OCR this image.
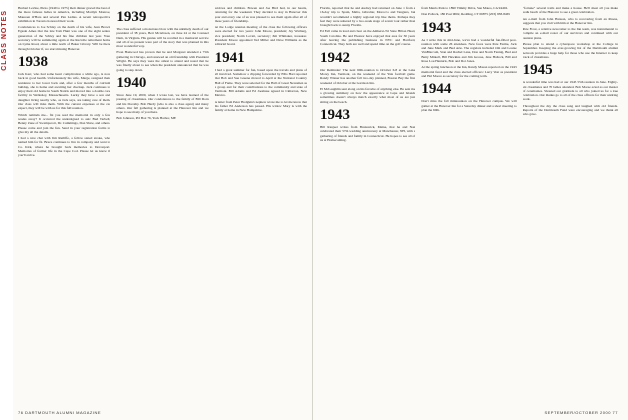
CLASS NOTES

Herbert Levine, Pizzo (1949 to 1975) their dinner graced the best of the more famous ladies in America, including Marilyn Monroe, Maureen O'Hara and several Pan Ladies. A recent retrospective exhibition in Toronto honored their work.

Condolences to Joe Schley on the death of his wife, Jean Brown Egasin Ames that the late Tom Hunt was one of the eight senior generation of the Schley and his fine children last year. Your secretary will be summering again at the Rectolle retirement home on Lyme Road, about a mile north of Baker Library. Will be there through October if, we start missing Hanover.

1938

Jack Kerr, who had some heart complication a while ago, is now back in good health. Unfortunately his wife, Marge, resigned their residence to her lower back and, after a few months of calcium buildup, she is home and awaiting her checkup. Jack continues to enjoy their old home in South Natick and moved into a double care facility in Wellesley, Massachusetts. Lucky they have a son and daughter living nearby who, as Jack says, are taking care of them. Our class will miss them. With the current expenses at the car expect, they will be with us for this full reunion.

Which reminds me... fix you read the memorial in only a few weeks away? It occurred the undersigned to ask: Bud Tarbell, Benny Zane of Swampscott, Dr. Cummings, Don Shaw, and others. Please come and join the fun. Send in your registration forms to give my all the details.

I had a nice chat with Jim Rutliffe, a fellow stated stroke, who named him for fit. Bruce continues to live in company and went to Ca. Kirk, where he brought back memories to Devonport. Memories of former life in the Cape Cod. Please let us know if you'll arrive.

1939

The class suffered a monstrous blow with the untimely death of our president of 38 years, Bert McAlveen, on June 24 at the Conneel Dam, in Virginia. His genius will be recalled in a memorial service and all of us present were part of the story that was planned in this most wonderful way.

Evan Hanwood has proven that he and Margaret attended a 75th gathering in Chicago, and renewed an old friendship with President Wright. He says they were the oldest to attend and noted that he was finally about to see when the president announced that he was going to step down.

1940

Since June 19, 2000, when I wrote last, we have learned of the passing of classmates. Our condolences to the family of Bill Dorn and his Dorothy. Bob Hardy (who is also a class agent) and many others. Our fall gathering is planned at the Hanover Inn and we hope to see many of you there.

Bob Johnson, PO Box 76, York Harbor, ME

widows and children. Bowen and Joe Bird had, in our hearts, returning for the weekend. They decided to stay in Hanover this year and every one of us was pleased to see them again after all of these years of friendship.

At the Lodge reunion meeting of the class the following officers were elected for two years: John Moore, president; Jay Warburg, vice president; Norm Lovatt, secretary; Jim Whittaker, treasurer. President Moore appointed Ted Miller and Dave Williams as the editorial board.

1941

I had a great summer for fun, based upon the travels and plans of all involved. Somehow a clipping forwarded by Ellis Hart reported that Bob and Sue Greene moved to April at the National Country Hall of Fame. They were selected for the Hall of Great Newsmen as a group and for their contributions to the community and state of Vermont. Bill Adams and Ed Joeshuse agreed in Cimarron, New Mexico.

A letter from Peter Hodgkin's nephew wrote me to let me know that his father Ed Anderson has passed. His widow Mary is with the family at home in New Hampshire.

76 DARTMOUTH ALUMNI MAGAZINE

Florida, reported that he and Audrey had returned on June 1 from a 16-day trip to Spain, Malta, Gibraltar, Morocco and Tangiers, but wouldn't recommend a highly regional trip like theirs. Perhaps they feel they were ushered by a two-week stage of scenic tour rather than brought back to sunny Florida.

Ed Fell came in loud and clear on the Amherst-Tri State Hilton Head, South Carolina. He and Eleanor have enjoyed that area for 30 years after leaving the publishing business in NYC and Hartford, Connecticut. They both are well and spend time on the golf course.

1942

Our Reminder: The next 60th-reunion is October 6-8 at the Lake Morey Inn, Vermont, on the weekend of the Yale football game. Randy Wisner has another fall two-day planned, Boston Bay the first weekend of October at the Garrison Inn.

El McLaughlin sent along on his favorite of anything else. He sent me a glowing summary on how the appearance at Lapu and Islands sometimes doesn't always match exactly what most of us are just sitting on the beach.

1943

Bill Ranjeet writes from Brunswick, Maine, that he and Nan celebrated their 57th wedding anniversary at Manchester, NH, with a gathering of friends and family in Connecticut. He hopes to see all of us at Homecoming.

from Menlo Park to 1890 Vimmy Drive, San Mateo, CA 94402.

Don Pollock, 180 Post 9002, Redding, CT 06875 (203) 938-8465

1943

As I write this in mid-June, we've had a wonderful fun-filled post-reunion with some 26 attendees. New faces were Pete Ferme, Jack and June Mark and Bud Arie. The regulars included Om and Louise VanBlarcom, Stan and Rachel Lane, Don and Norm Fannig, Bud and Betty Mintell, Bill Hawkins and Jim Grosse, Jane Hallock, Bill and Rose Lou Hannick, Bob and Dot Jones.

At the spring luncheon at the Inn, Randy Mason reported on the 1943 memorial fund and the class elected officers: Larry Vest as president and Hal Moore as secretary for the coming term.

1944

Don't miss the fall minireunion on the Hanover campus. We will gather at the Hanover Inn for a Saturday dinner and a short meeting to plan the 60th.

"fortune" several trails and make a house. He'll meet all you make walk beach of the Hanover to see a great celebration.

An e-mail from John Hanson, who is recovering from an illness, suggests that you visit with him at the Hanover Inn.

Pete Frost, a relative newcomer to the Inn team, was instrumental to compile an e-mail roster of our survivors and continued with our reunion plans.

Please plan to attend a cyberspace workshop at the College in September. Keeping the ever-growing list of the Dartmouth alumni network provides a huge help for those who use the Internet to keep track of classmates.

1945

A wonderful time was had at our 1945 55th reunion in June. Eighty-six classmates and 70 ladies attended. Bob Morse acted as our master of ceremonies. Shouted our gratitude to all who joined us for a true celebration. Our thanks go to all of the class officers for their untiring work.

Throughout the day the class sang and laughed with old friends. Reports of the Dartmouth Fund were encouraging and we thank all who gave.

SEPTEMBER/OCTOBER 2000 77
